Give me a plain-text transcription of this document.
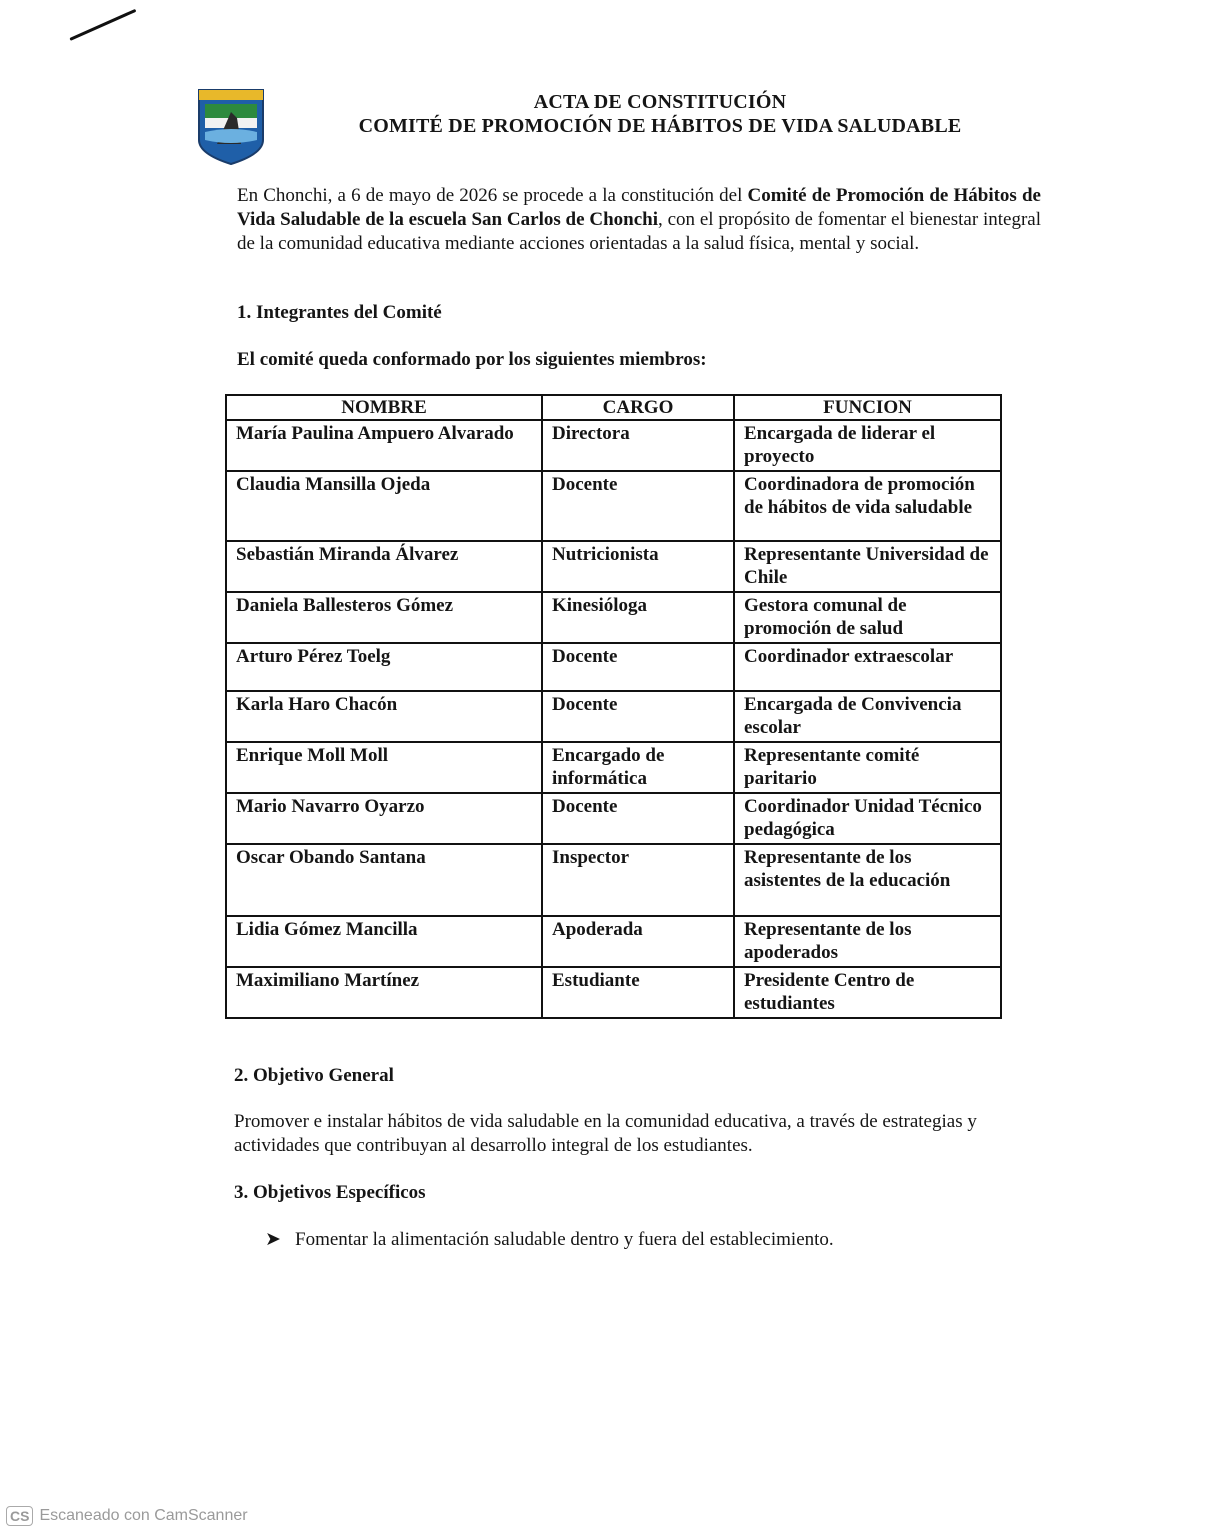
ACTA DE CONSTITUCIÓN
COMITÉ DE PROMOCIÓN DE HÁBITOS DE VIDA SALUDABLE
En Chonchi, a 6 de mayo de 2026 se procede a la constitución del Comité de Promoción de Hábitos de Vida Saludable de la escuela San Carlos de Chonchi, con el propósito de fomentar el bienestar integral de la comunidad educativa mediante acciones orientadas a la salud física, mental y social.
1. Integrantes del Comité
El comité queda conformado por los siguientes miembros:
NOMBRE	CARGO	FUNCION
María Paulina Ampuero Alvarado	Directora	Encargada de liderar el proyecto
Claudia Mansilla Ojeda	Docente	Coordinadora de promoción de hábitos de vida saludable
Sebastián Miranda Álvarez	Nutricionista	Representante Universidad de Chile
Daniela Ballesteros Gómez	Kinesióloga	Gestora comunal de promoción de salud
Arturo Pérez Toelg	Docente	Coordinador extraescolar
Karla Haro Chacón	Docente	Encargada de Convivencia escolar
Enrique Moll Moll	Encargado de informática	Representante comité paritario
Mario Navarro Oyarzo	Docente	Coordinador Unidad Técnico pedagógica
Oscar Obando Santana	Inspector	Representante de los asistentes de la educación
Lidia Gómez Mancilla	Apoderada	Representante de los apoderados
Maximiliano Martínez	Estudiante	Presidente Centro de estudiantes
2. Objetivo General
Promover e instalar hábitos de vida saludable en la comunidad educativa, a través de estrategias y actividades que contribuyan al desarrollo integral de los estudiantes.
3. Objetivos Específicos
➤ Fomentar la alimentación saludable dentro y fuera del establecimiento.
CS Escaneado con CamScanner
